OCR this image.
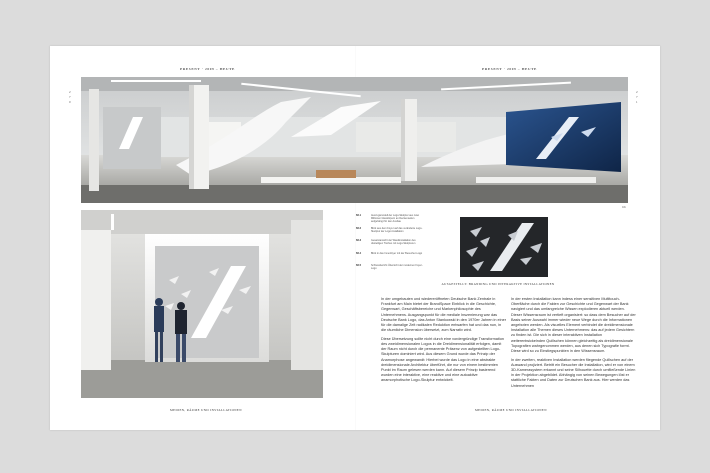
PRESENT · 2009 – HEUTE	PRESENT · 2009 – HEUTE
2
7
0
2
7
1
66
66.1	Auszugsmodell der Logo-Skulptur aus zwei Millionen Glaskörpern an Deckenseilen aufgehängt für den Ausbau
66.2	Blick aus dem Foyer auf das veränderte Logo-Skulptur der Logo-Installation
66.3	Gesamtansicht der Wandinstallation des dreiteiligen Tisches mit Logo-Skulpturen
66.4	Blick in das Innenfoyer mit der Besucher-Logo
66.5	Schlussbericht Übersicht der modernen Foyer-Logo
AUSGESTELLT: BRANDING UND INTERAKTIVE INSTALLATIONEN

In der umgebauten und wiedereröffneten Deutsche Bank Zentrale in Frankfurt am Main bietet der BrandSpace Einblick in die Geschichte, Gegenwart, Geschäftsbereiche und Markenphilosophie des Unternehmens. Ausgangspunkt für die mediale Inszenierung war das Deutsche Bank Logo, das Anton Stankowski in den 1970er Jahren in einer für die damalige Zeit radikalen Reduktion entwarfen hat und das nun, in die räumliche Dimension übersetzt, zum Narrativ wird.

Diese Übersetzung sollte nicht durch eine vordergründige Transformation des zweidimensionalen Logos in die Dreidimensionalität erfolgen, damit der Raum nicht durch die permanente Präsenz von aufgestellten Logo-Skulpturen dominiert wird. Aus diesem Grund wurde das Prinzip der Anamorphose angewandt: Hierbei wurde das Logo in eine abstrakte dreidimensionale Architektur überführt, die nur von einem bestimmten Punkt im Raum gelesen werden kann. Auf diesem Prinzip basierend wurden eine interaktive, eine reaktive und eine autoaktive anamorphotische Logo-Skulptur entwickelt.

In der ersten Installation kann indess einer sensitiven Multitouch-Oberfläche durch die Fakten zur Geschichte und Gegenwart der Bank navigiert und das umfangreiche Wissen explodieren aktuell werden. Dieser Wissensraum ist vertieft organisiert: so dass dem Besucher auf der Basis seiner Auswahl immer wieder neue Wege durch die Informationen angeboten werden. Als visuelles Element verbindet die dreidimensionale Installation alle Themen dieses Unternehmens: das auf jedem Gesichtern zu finden ist. Die sich in dieser interaktiven Installation weiterentwickelnden Quillschen können gleichzeitig als dreidimensionale Topografien wahrgenommen werden, aus denen sich Typografie formt. Diese wird so zu Einstiegspunkten in den Wissensraum.

In der zweiten, reaktiven Installation werden fliegende Quillschen auf der Auswand projiziert. Betritt ein Besucher die Installation, wird er von einem 3D-Kamerasystem erkannt und seine Silhouette durch umfließende Linien in der Projektion abgebildet. Abhängig von seinen Bewegungen löst er stattliche Fakten und Daten zur Deutschen Bank aus. Hier werden das Unternehmen

MEDIEN, RÄUME UND INSTALLATIONEN	MEDIEN, RÄUME UND INSTALLATIONEN
